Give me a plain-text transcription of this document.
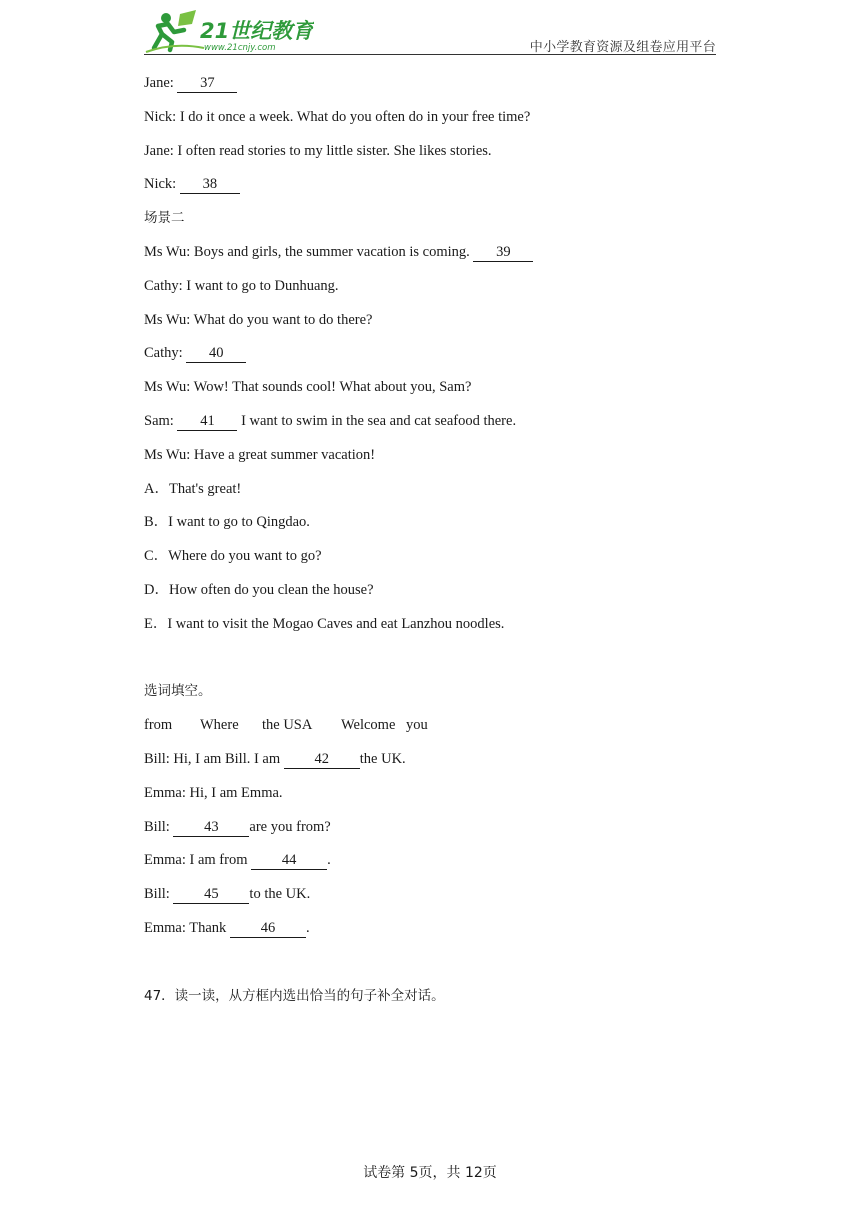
21世纪教育
www.21cnjy.com	中小学教育资源及组卷应用平台
Jane: 37
Nick: I do it once a week. What do you often do in your free time?
Jane: I often read stories to my little sister. She likes stories.
Nick: 38
场景二
Ms Wu: Boys and girls, the summer vacation is coming. 39
Cathy: I want to go to Dunhuang.
Ms Wu: What do you want to do there?
Cathy: 40
Ms Wu: Wow! That sounds cool! What about you, Sam?
Sam: 41 I want to swim in the sea and cat seafood there.
Ms Wu: Have a great summer vacation!
A．That's great!
B．I want to go to Qingdao.
C．Where do you want to go?
D．How often do you clean the house?
E．I want to visit the Mogao Caves and eat Lanzhou noodles.
选词填空。
from Where the USA Welcome you
Bill: Hi, I am Bill. I am 42 the UK.
Emma: Hi, I am Emma.
Bill: 43 are you from?
Emma: I am from 44 .
Bill: 45 to the UK.
Emma: Thank 46 .
47．读一读，从方框内选出恰当的句子补全对话。
试卷第 5页，共 12页
